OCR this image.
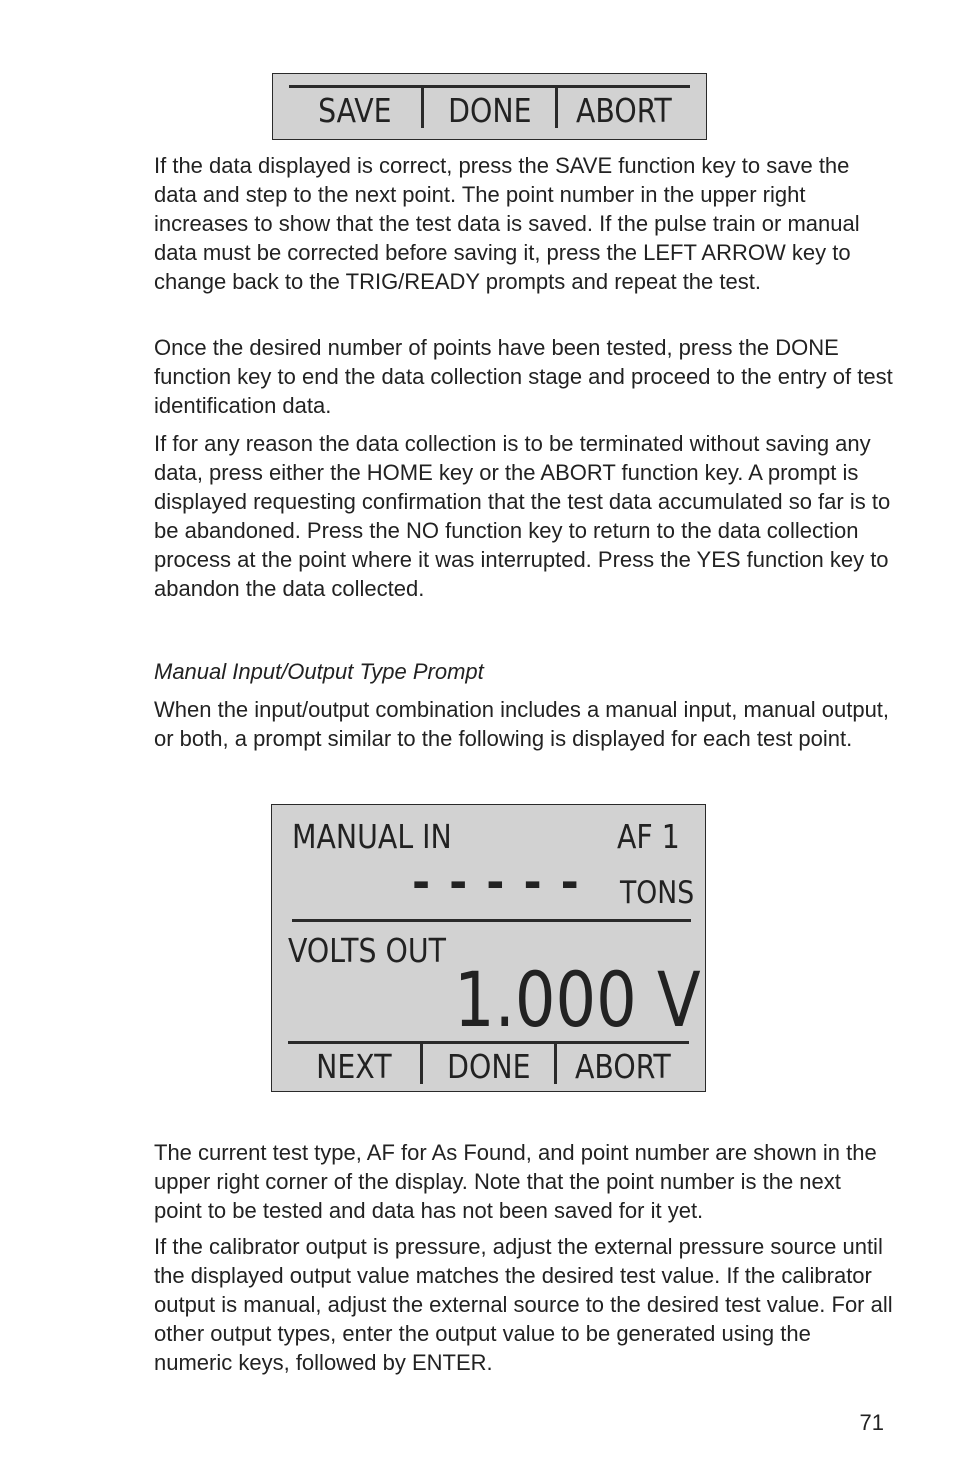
SAVE	DONE	ABORT

If the data displayed is correct, press the SAVE function key to save the data and step to the next point. The point number in the upper right increases to show that the test data is saved. If the pulse train or manual data must be corrected before saving it, press the LEFT ARROW key to change back to the TRIG/READY prompts and repeat the test.

Once the desired number of points have been tested, press the DONE function key to end the data collection stage and proceed to the entry of test identification data.

If for any reason the data collection is to be terminated without saving any data, press either the HOME key or the ABORT function key. A prompt is displayed requesting confirmation that the test data accumulated so far is to be abandoned. Press the NO function key to return to the data collection process at the point where it was interrupted. Press the YES function key to abandon the data collected.

Manual Input/Output Type Prompt

When the input/output combination includes a manual input, manual output, or both, a prompt similar to the following is displayed for each test point.

MANUAL IN	AF 1
- - - - - TONS
VOLTS OUT
1.000 V
NEXT	DONE	ABORT

The current test type, AF for As Found, and point number are shown in the upper right corner of the display. Note that the point number is the next point to be tested and data has not been saved for it yet.

If the calibrator output is pressure, adjust the external pressure source until the displayed output value matches the desired test value. If the calibrator output is manual, adjust the external source to the desired test value. For all other output types, enter the output value to be generated using the numeric keys, followed by ENTER.

71
